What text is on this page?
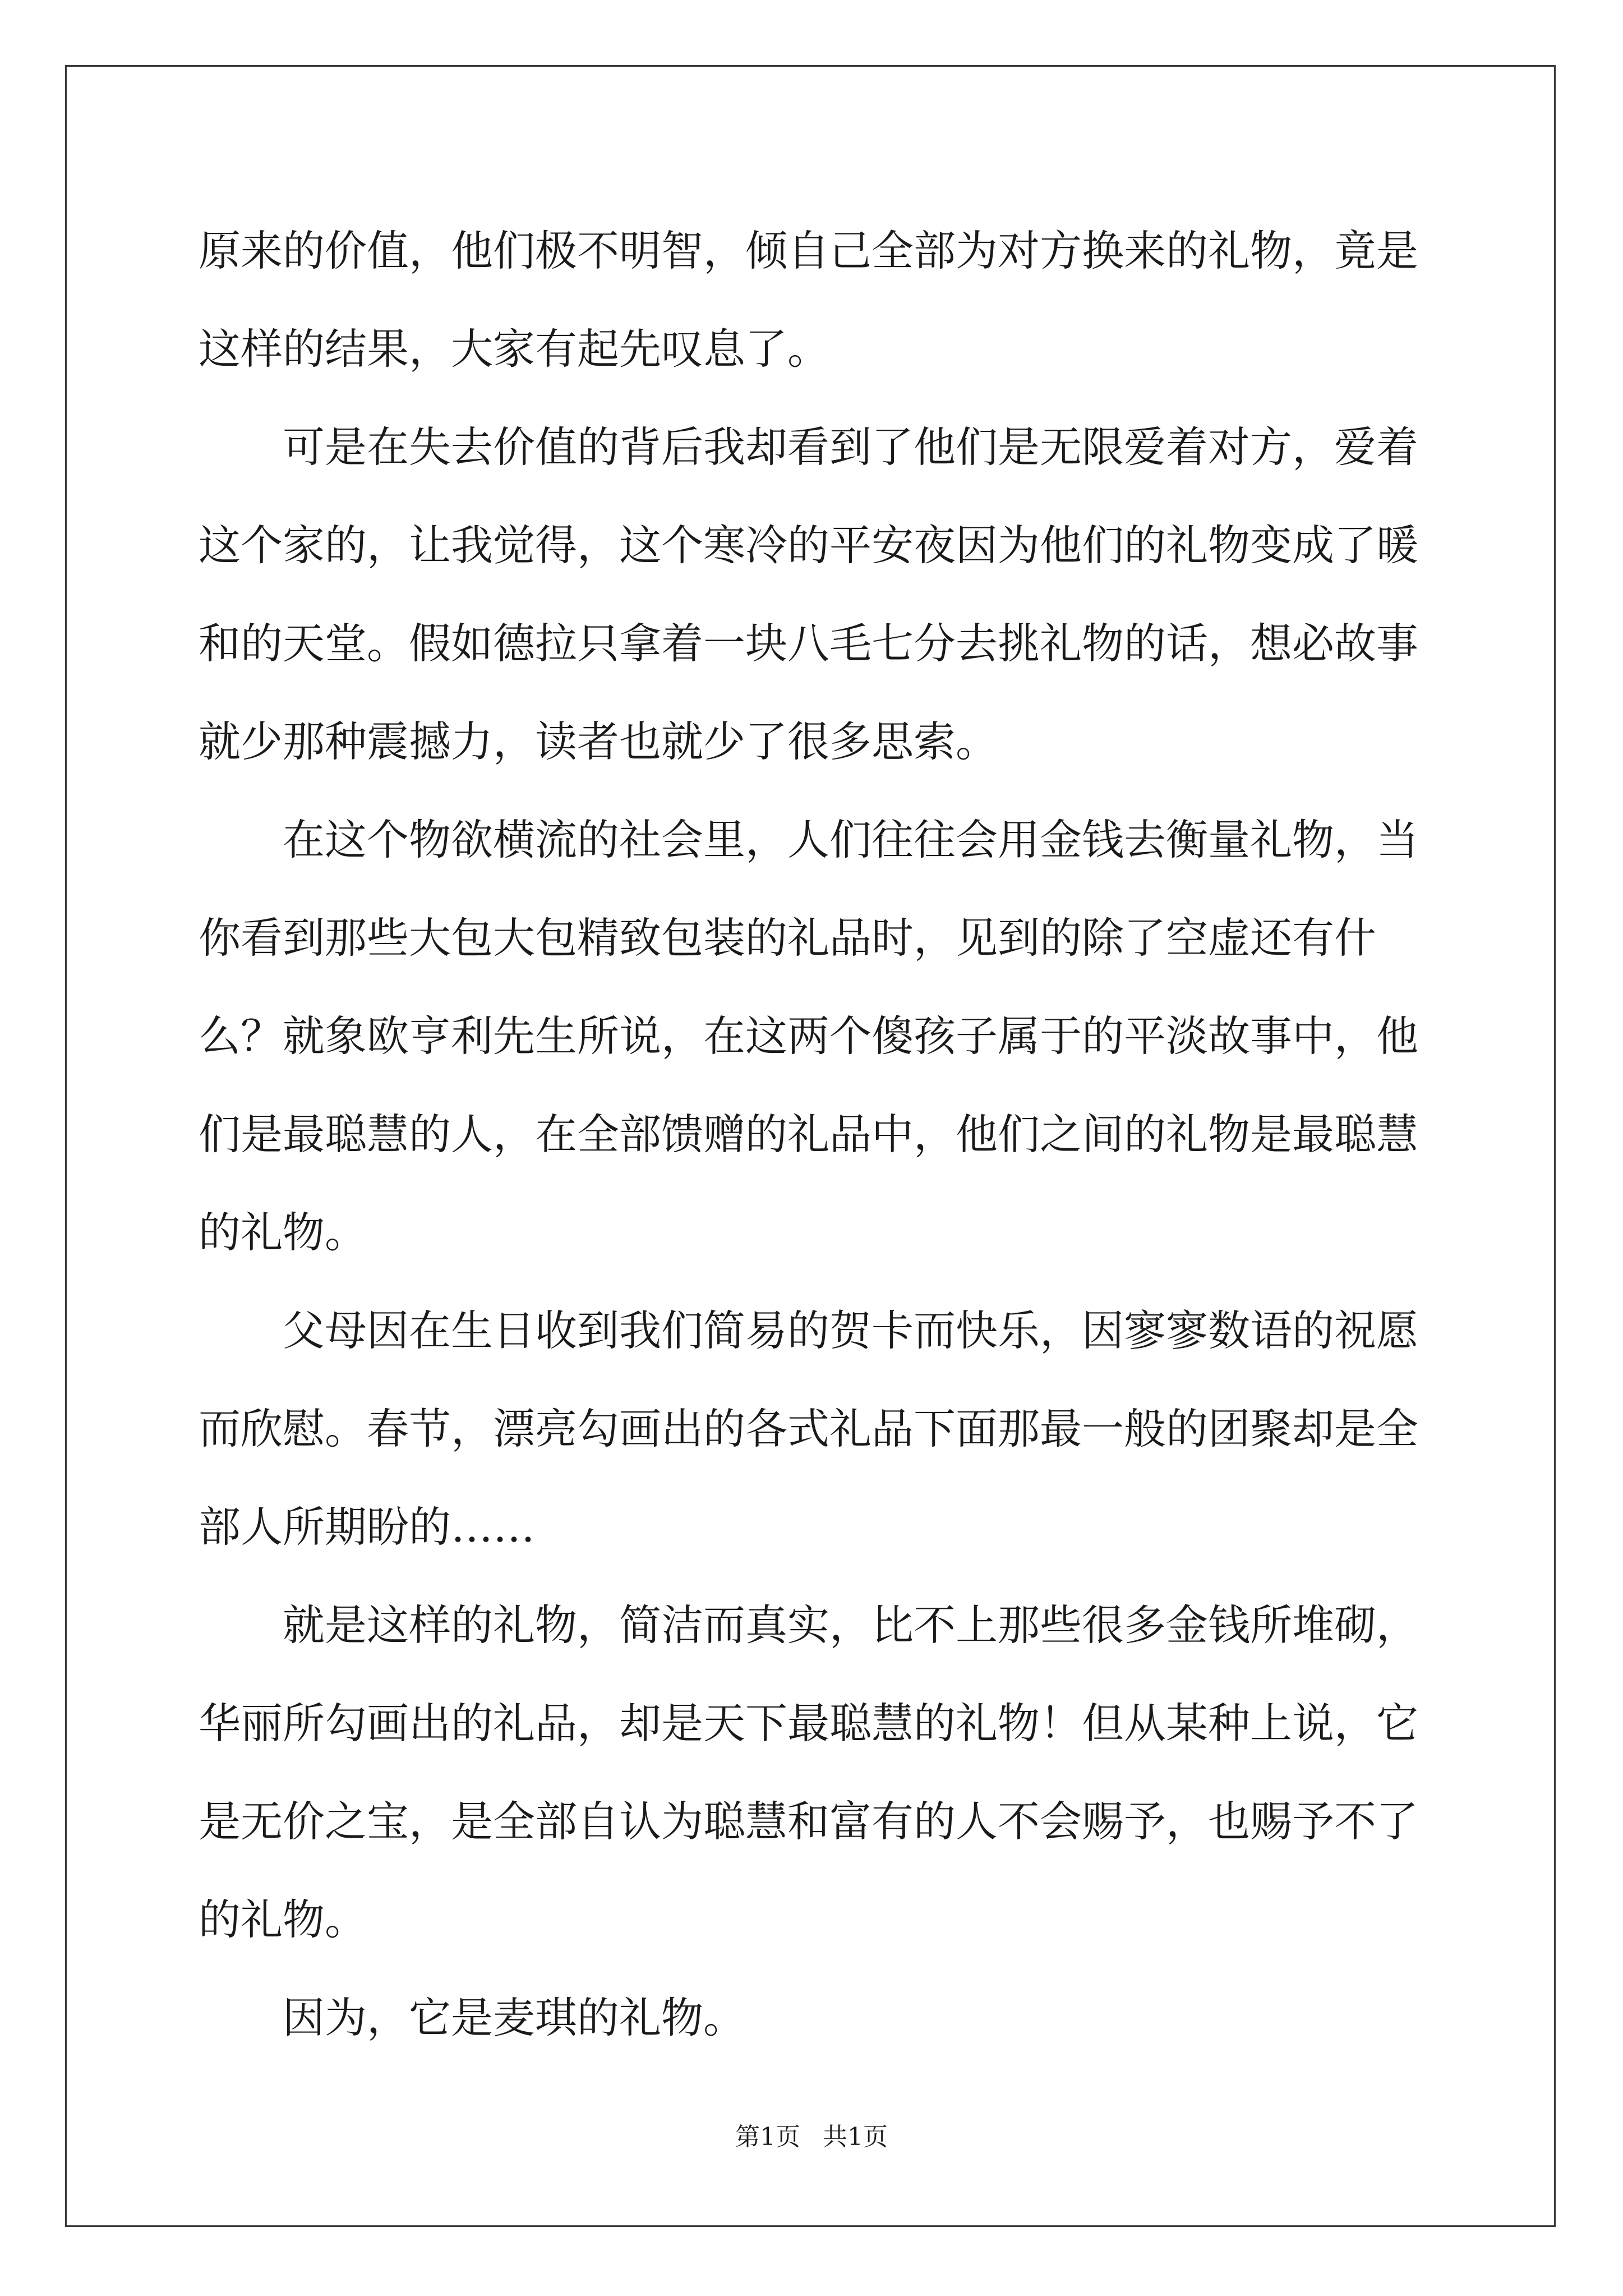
原来的价值，他们极不明智，倾自己全部为对方换来的礼物，竟是这样的结果，大家有起先叹息了。

可是在失去价值的背后我却看到了他们是无限爱着对方，爱着这个家的，让我觉得，这个寒冷的平安夜因为他们的礼物变成了暖和的天堂。假如德拉只拿着一块八毛七分去挑礼物的话，想必故事就少那种震撼力，读者也就少了很多思索。

在这个物欲横流的社会里，人们往往会用金钱去衡量礼物，当你看到那些大包大包精致包装的礼品时，见到的除了空虚还有什么？就象欧亨利先生所说，在这两个傻孩子属于的平淡故事中，他们是最聪慧的人，在全部馈赠的礼品中，他们之间的礼物是最聪慧的礼物。

父母因在生日收到我们简易的贺卡而快乐，因寥寥数语的祝愿而欣慰。春节，漂亮勾画出的各式礼品下面那最一般的团聚却是全部人所期盼的……

就是这样的礼物，简洁而真实，比不上那些很多金钱所堆砌，华丽所勾画出的礼品，却是天下最聪慧的礼物！但从某种上说，它是无价之宝，是全部自认为聪慧和富有的人不会赐予，也赐予不了的礼物。

因为，它是麦琪的礼物。

第1页 共1页
